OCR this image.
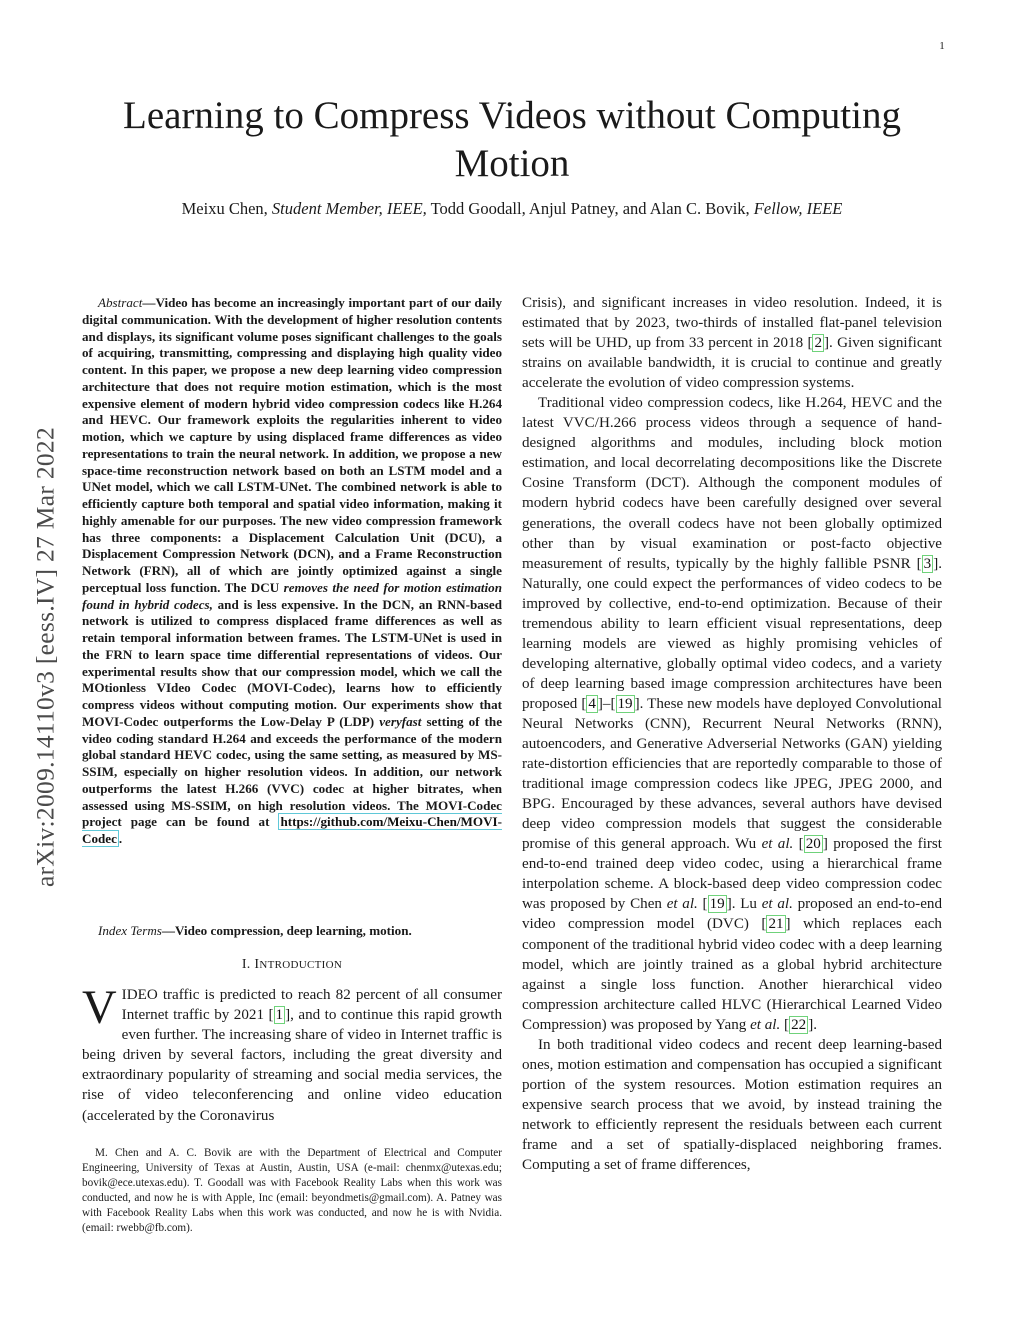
1
Learning to Compress Videos without Computing Motion
Meixu Chen, Student Member, IEEE, Todd Goodall, Anjul Patney, and Alan C. Bovik, Fellow, IEEE
arXiv:2009.14110v3 [eess.IV] 27 Mar 2022
Abstract—Video has become an increasingly important part of our daily digital communication. With the development of higher resolution contents and displays, its significant volume poses significant challenges to the goals of acquiring, transmitting, compressing and displaying high quality video content. In this paper, we propose a new deep learning video compression architecture that does not require motion estimation, which is the most expensive element of modern hybrid video compression codecs like H.264 and HEVC. Our framework exploits the regularities inherent to video motion, which we capture by using displaced frame differences as video representations to train the neural network. In addition, we propose a new space-time reconstruction network based on both an LSTM model and a UNet model, which we call LSTM-UNet. The combined network is able to efficiently capture both temporal and spatial video information, making it highly amenable for our purposes. The new video compression framework has three components: a Displacement Calculation Unit (DCU), a Displacement Compression Network (DCN), and a Frame Reconstruction Network (FRN), all of which are jointly optimized against a single perceptual loss function. The DCU removes the need for motion estimation found in hybrid codecs, and is less expensive. In the DCN, an RNN-based network is utilized to compress displaced frame differences as well as retain temporal information between frames. The LSTM-UNet is used in the FRN to learn space time differential representations of videos. Our experimental results show that our compression model, which we call the MOtionless VIdeo Codec (MOVI-Codec), learns how to efficiently compress videos without computing motion. Our experiments show that MOVI-Codec outperforms the Low-Delay P (LDP) veryfast setting of the video coding standard H.264 and exceeds the performance of the modern global standard HEVC codec, using the same setting, as measured by MS-SSIM, especially on higher resolution videos. In addition, our network outperforms the latest H.266 (VVC) codec at higher bitrates, when assessed using MS-SSIM, on high resolution videos. The MOVI-Codec project page can be found at https://github.com/Meixu-Chen/MOVI-Codec .
Index Terms—Video compression, deep learning, motion.
I. INTRODUCTION
VIDEO traffic is predicted to reach 82 percent of all consumer Internet traffic by 2021 [ 1 ], and to continue this rapid growth even further. The increasing share of video in Internet traffic is being driven by several factors, including the great diversity and extraordinary popularity of streaming and social media services, the rise of video teleconferencing and online video education (accelerated by the Coronavirus
M. Chen and A. C. Bovik are with the Department of Electrical and Computer Engineering, University of Texas at Austin, Austin, USA (e-mail: chenmx@utexas.edu; bovik@ece.utexas.edu). T. Goodall was with Facebook Reality Labs when this work was conducted, and now he is with Apple, Inc (email: beyondmetis@gmail.com). A. Patney was with Facebook Reality Labs when this work was conducted, and now he is with Nvidia. (email: rwebb@fb.com).

Crisis), and significant increases in video resolution. Indeed, it is estimated that by 2023, two-thirds of installed flat-panel television sets will be UHD, up from 33 percent in 2018 [ 2 ]. Given significant strains on available bandwidth, it is crucial to continue and greatly accelerate the evolution of video compression systems.

Traditional video compression codecs, like H.264, HEVC and the latest VVC/H.266 process videos through a sequence of hand-designed algorithms and modules, including block motion estimation, and local decorrelating decompositions like the Discrete Cosine Transform (DCT). Although the component modules of modern hybrid codecs have been carefully designed over several generations, the overall codecs have not been globally optimized other than by visual examination or post-facto objective measurement of results, typically by the highly fallible PSNR [ 3 ]. Naturally, one could expect the performances of video codecs to be improved by collective, end-to-end optimization. Because of their tremendous ability to learn efficient visual representations, deep learning models are viewed as highly promising vehicles of developing alternative, globally optimal video codecs, and a variety of deep learning based image compression architectures have been proposed [ 4 ]–[ 19 ]. These new models have deployed Convolutional Neural Networks (CNN), Recurrent Neural Networks (RNN), autoencoders, and Generative Adverserial Networks (GAN) yielding rate-distortion efficiencies that are reportedly comparable to those of traditional image compression codecs like JPEG, JPEG 2000, and BPG. Encouraged by these advances, several authors have devised deep video compression models that suggest the considerable promise of this general approach. Wu et al. [ 20 ] proposed the first end-to-end trained deep video codec, using a hierarchical frame interpolation scheme. A block-based deep video compression codec was proposed by Chen et al. [ 19 ]. Lu et al. proposed an end-to-end video compression model (DVC) [ 21 ] which replaces each component of the traditional hybrid video codec with a deep learning model, which are jointly trained as a global hybrid architecture against a single loss function. Another hierarchical video compression architecture called HLVC (Hierarchical Learned Video Compression) was proposed by Yang et al. [ 22 ].

In both traditional video codecs and recent deep learning-based ones, motion estimation and compensation has occupied a significant portion of the system resources. Motion estimation requires an expensive search process that we avoid, by instead training the network to efficiently represent the residuals between each current frame and a set of spatially-displaced neighboring frames. Computing a set of frame differences,
